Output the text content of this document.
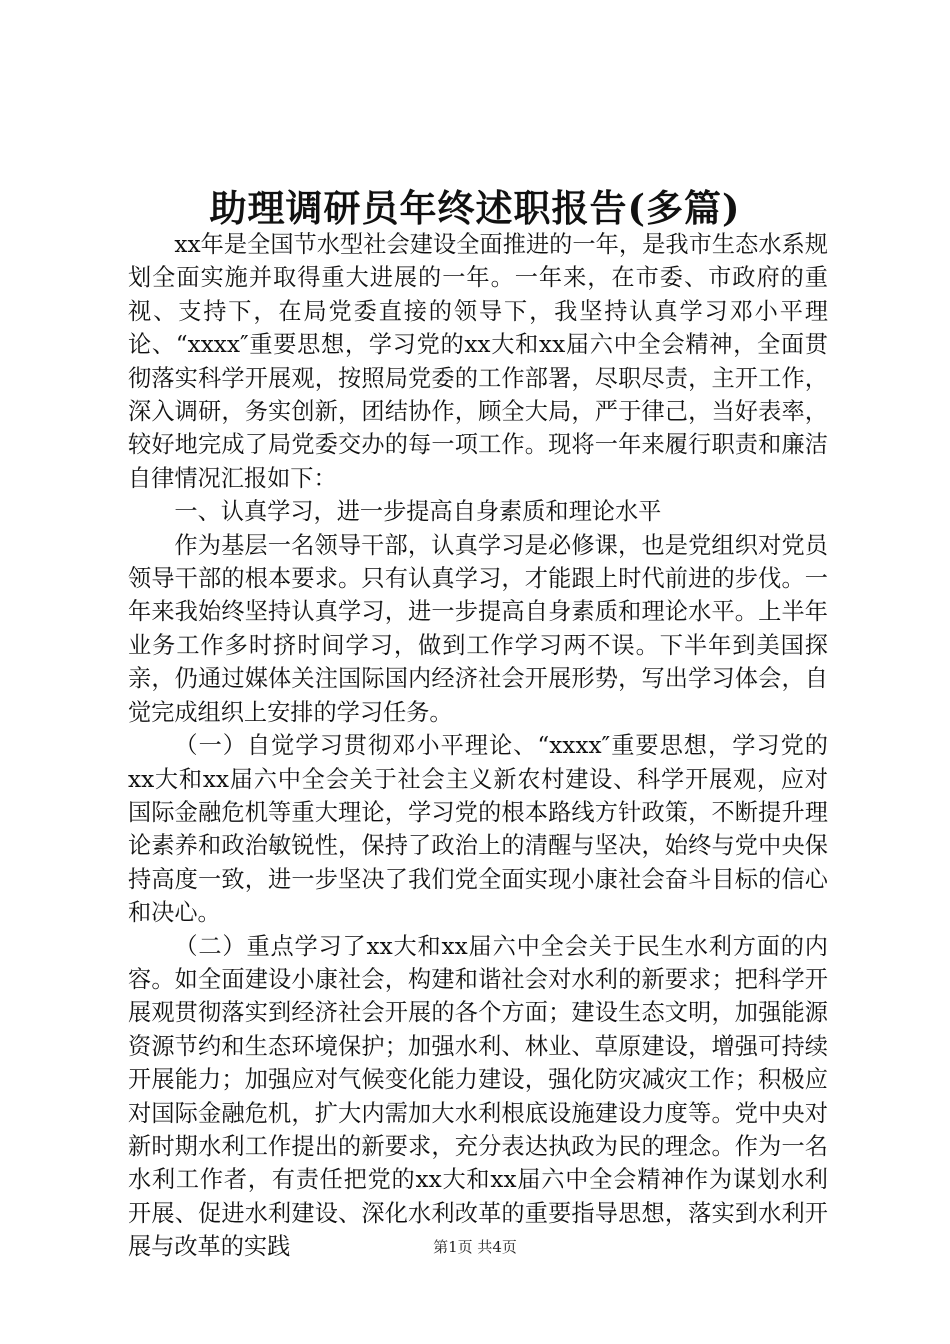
助理调研员年终述职报告(多篇)

xx年是全国节水型社会建设全面推进的一年，是我市生态水系规划全面实施并取得重大进展的一年。一年来，在市委、市政府的重视、支持下，在局党委直接的领导下，我坚持认真学习邓小平理论、“xxxx″重要思想，学习党的xx大和xx届六中全会精神，全面贯彻落实科学开展观，按照局党委的工作部署，尽职尽责，主开工作，深入调研，务实创新，团结协作，顾全大局，严于律己，当好表率，较好地完成了局党委交办的每一项工作。现将一年来履行职责和廉洁自律情况汇报如下：

一、认真学习，进一步提高自身素质和理论水平

作为基层一名领导干部，认真学习是必修课，也是党组织对党员领导干部的根本要求。只有认真学习，才能跟上时代前进的步伐。一年来我始终坚持认真学习，进一步提高自身素质和理论水平。上半年业务工作多时挤时间学习，做到工作学习两不误。下半年到美国探亲，仍通过媒体关注国际国内经济社会开展形势，写出学习体会，自觉完成组织上安排的学习任务。

（一）自觉学习贯彻邓小平理论、“xxxx″重要思想，学习党的xx大和xx届六中全会关于社会主义新农村建设、科学开展观，应对国际金融危机等重大理论，学习党的根本路线方针政策，不断提升理论素养和政治敏锐性，保持了政治上的清醒与坚决，始终与党中央保持高度一致，进一步坚决了我们党全面实现小康社会奋斗目标的信心和决心。

（二）重点学习了xx大和xx届六中全会关于民生水利方面的内容。如全面建设小康社会，构建和谐社会对水利的新要求；把科学开展观贯彻落实到经济社会开展的各个方面；建设生态文明，加强能源资源节约和生态环境保护；加强水利、林业、草原建设，增强可持续开展能力；加强应对气候变化能力建设，强化防灾减灾工作；积极应对国际金融危机，扩大内需加大水利根底设施建设力度等。党中央对新时期水利工作提出的新要求，充分表达执政为民的理念。作为一名水利工作者，有责任把党的xx大和xx届六中全会精神作为谋划水利开展、促进水利建设、深化水利改革的重要指导思想，落实到水利开展与改革的实践	第1页 共4页
